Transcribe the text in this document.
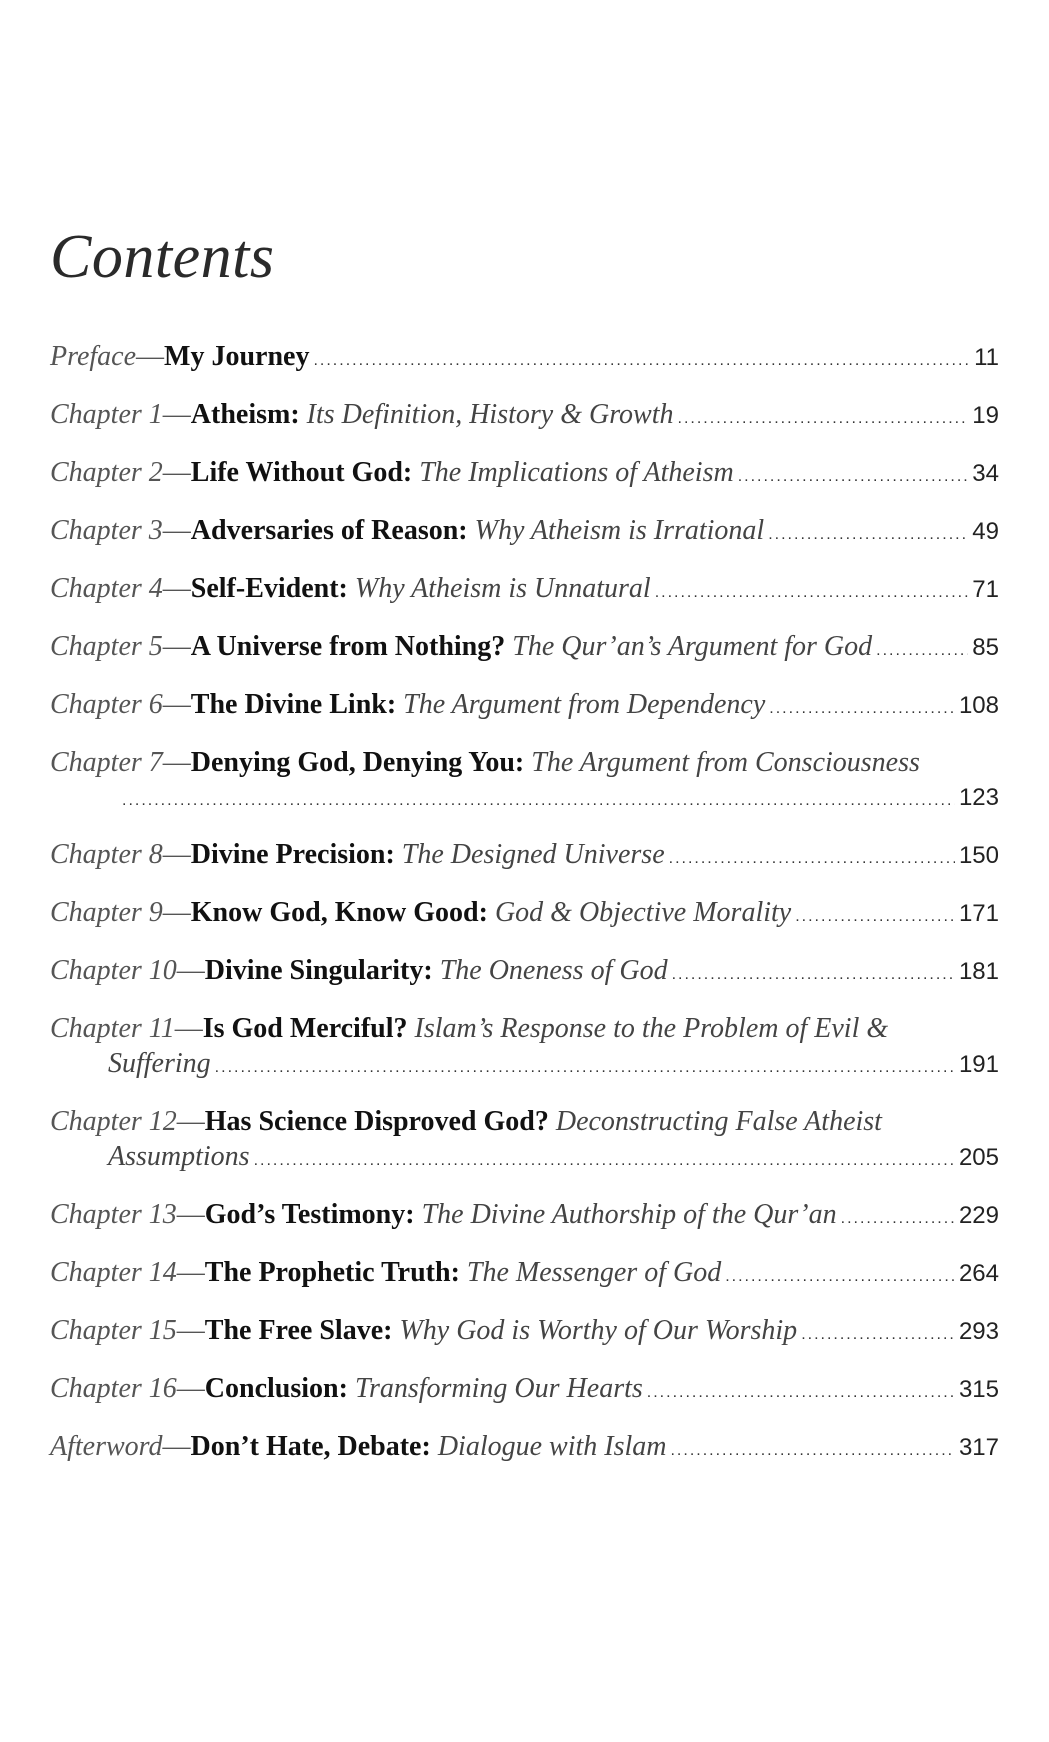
Contents
Preface — My Journey .....	11
Chapter 1 — Atheism:
Its Definition, History & Growth .....	19
Chapter 2 — Life Without God:
The Implications of Atheism .....	34
Chapter 3 — Adversaries of Reason:
Why Atheism is Irrational .....	49
Chapter 4 — Self-Evident:
Why Atheism is Unnatural .....	71
Chapter 5 — A Universe from Nothing?
The Qur’an’s Argument for God .....	85
Chapter 6 — The Divine Link:
The Argument from Dependency .....	108
Chapter 7 — Denying God, Denying You:
The Argument from Consciousness
.....
123
Chapter 8 — Divine Precision:
The Designed Universe .....	150
Chapter 9 — Know God, Know Good:
God & Objective Morality .....	171
Chapter 10 — Divine Singularity:
The Oneness of God .....	181
Chapter 11 — Is God Merciful?
Islam’s Response to the Problem of Evil &
Suffering .....	191
Chapter 12 — Has Science Disproved God?
Deconstructing False Atheist
Assumptions .....	205
Chapter 13 — God’s Testimony:
The Divine Authorship of the Qur’an .....	229
Chapter 14 — The Prophetic Truth:
The Messenger of God .....	264
Chapter 15 — The Free Slave:
Why God is Worthy of Our Worship .....	293
Chapter 16 — Conclusion:
Transforming Our Hearts .....	315
Afterword — Don’t Hate, Debate:
Dialogue with Islam .....	317
